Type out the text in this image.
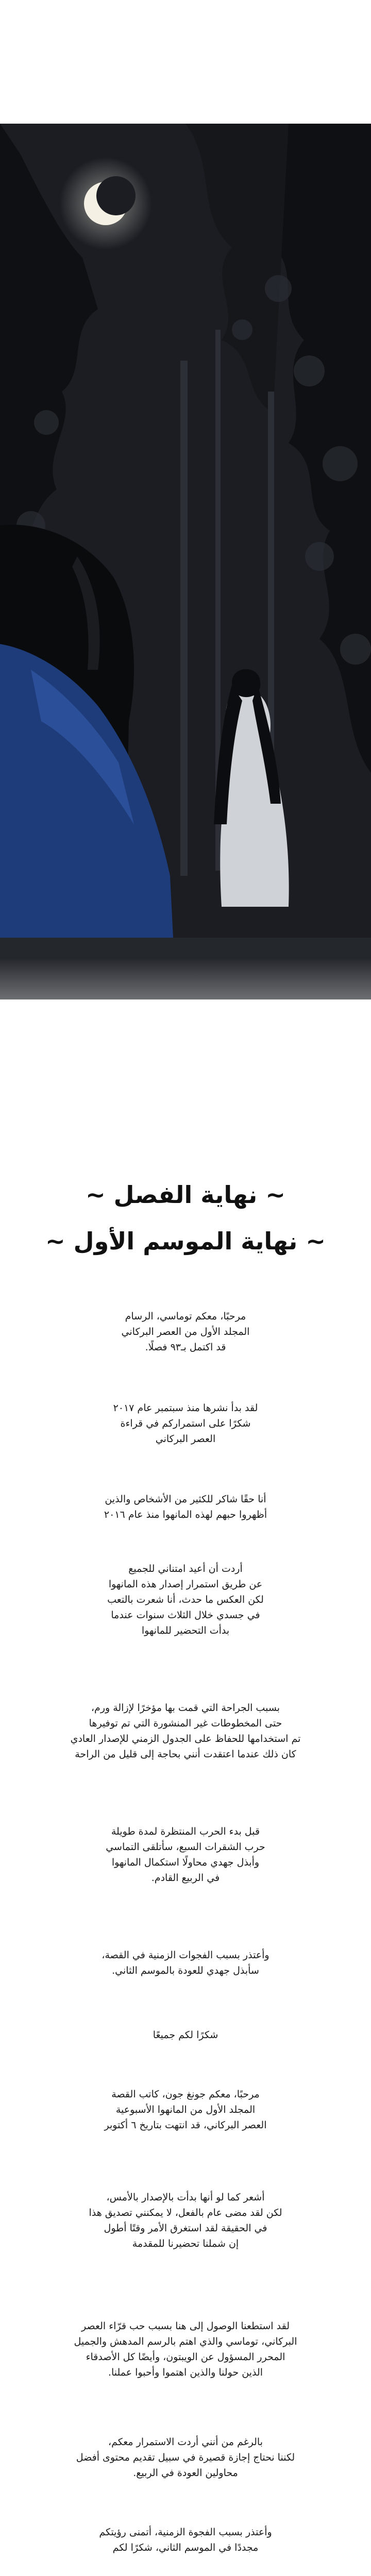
~ نهاية الفصل ~
~ نهاية الموسم الأول ~

مرحبًا، معكم توماسي، الرسام
المجلد الأول من العصر البركاني
قد اكتمل بـ٩٣ فصلًا.

لقد بدأ نشرها منذ سبتمبر عام ٢٠١٧
شكرًا على استمراركم في قراءة
العصر البركاني

أنا حقًا شاكر للكثير من الأشخاص والذين
أظهروا حبهم لهذه المانهوا منذ عام ٢٠١٦

أردت أن أعيد امتناني للجميع
عن طريق استمرار إصدار هذه المانهوا
لكن العكس ما حدث، أنا شعرت بالتعب
في جسدي خلال الثلاث سنوات عندما
بدأت التحضير للمانهوا

بسبب الجراحة التي قمت بها مؤخرًا لإزالة ورم،
حتى المخطوطات غير المنشورة التي تم توفيرها
تم استخدامها للحفاظ على الجدول الزمني للإصدار العادي
كان ذلك عندما اعتقدت أنني بحاجة إلى قليل من الراحة

قبل بدء الحرب المنتظرة لمدة طويلة
حرب الشقرات السبع، سأتلقى التماسي
وأبذل جهدي محاولًا استكمال المانهوا
في الربيع القادم.

وأعتذر بسبب الفجوات الزمنية في القصة،
سأبذل جهدي للعودة بالموسم الثاني.

شكرًا لكم جميعًا

مرحبًا، معكم جونغ جون، كاتب القصة
المجلد الأول من المانهوا الأسبوعية
العصر البركاني، قد انتهت بتاريخ ٦ أكتوبر

أشعر كما لو أنها بدأت بالإصدار بالأمس،
لكن لقد مضى عام بالفعل، لا يمكنني تصديق هذا
في الحقيقة لقد استغرق الأمر وقتًا أطول
إن شملنا تحضيرنا للمقدمة

لقد استطعنا الوصول إلى هنا بسبب حب قرّاء العصر
البركاني، توماسي والذي اهتم بالرسم المدهش والجميل
المحرر المسؤول عن الويبتون، وأيضًا كل الأصدقاء
الذين حولنا والذين اهتموا وأحبوا عملنا.

بالرغم من أنني أردت الاستمرار معكم،
لكننا نحتاج إجازة قصيرة في سبيل تقديم محتوى أفضل
محاولين العودة في الربيع.

وأعتذر بسبب الفجوة الزمنية، أتمنى رؤيتكم
مجددًا في الموسم الثاني، شكرًا لكم
